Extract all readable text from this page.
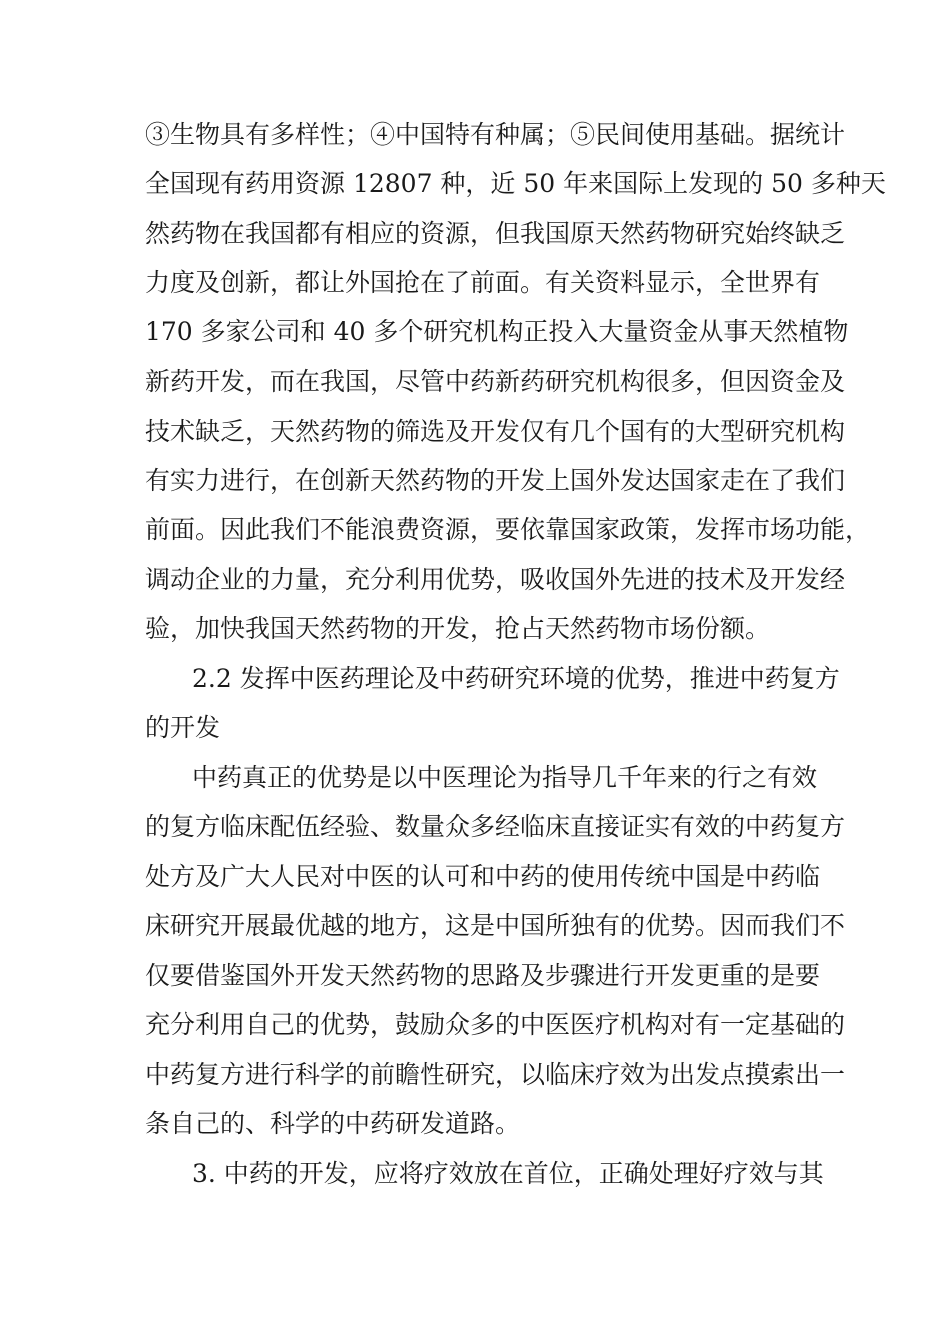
③生物具有多样性；④中国特有种属；⑤民间使用基础。据统计
全国现有药用资源 12807 种，近 50 年来国际上发现的 50 多种天
然药物在我国都有相应的资源，但我国原天然药物研究始终缺乏
力度及创新，都让外国抢在了前面。有关资料显示，全世界有
170 多家公司和 40 多个研究机构正投入大量资金从事天然植物
新药开发，而在我国，尽管中药新药研究机构很多，但因资金及
技术缺乏，天然药物的筛选及开发仅有几个国有的大型研究机构
有实力进行，在创新天然药物的开发上国外发达国家走在了我们
前面。因此我们不能浪费资源，要依靠国家政策，发挥市场功能，
调动企业的力量，充分利用优势，吸收国外先进的技术及开发经
验，加快我国天然药物的开发，抢占天然药物市场份额。
2.2 发挥中医药理论及中药研究环境的优势，推进中药复方
的开发
中药真正的优势是以中医理论为指导几千年来的行之有效
的复方临床配伍经验、数量众多经临床直接证实有效的中药复方
处方及广大人民对中医的认可和中药的使用传统中国是中药临
床研究开展最优越的地方，这是中国所独有的优势。因而我们不
仅要借鉴国外开发天然药物的思路及步骤进行开发更重的是要
充分利用自己的优势，鼓励众多的中医医疗机构对有一定基础的
中药复方进行科学的前瞻性研究，以临床疗效为出发点摸索出一
条自己的、科学的中药研发道路。
3. 中药的开发，应将疗效放在首位，正确处理好疗效与其
